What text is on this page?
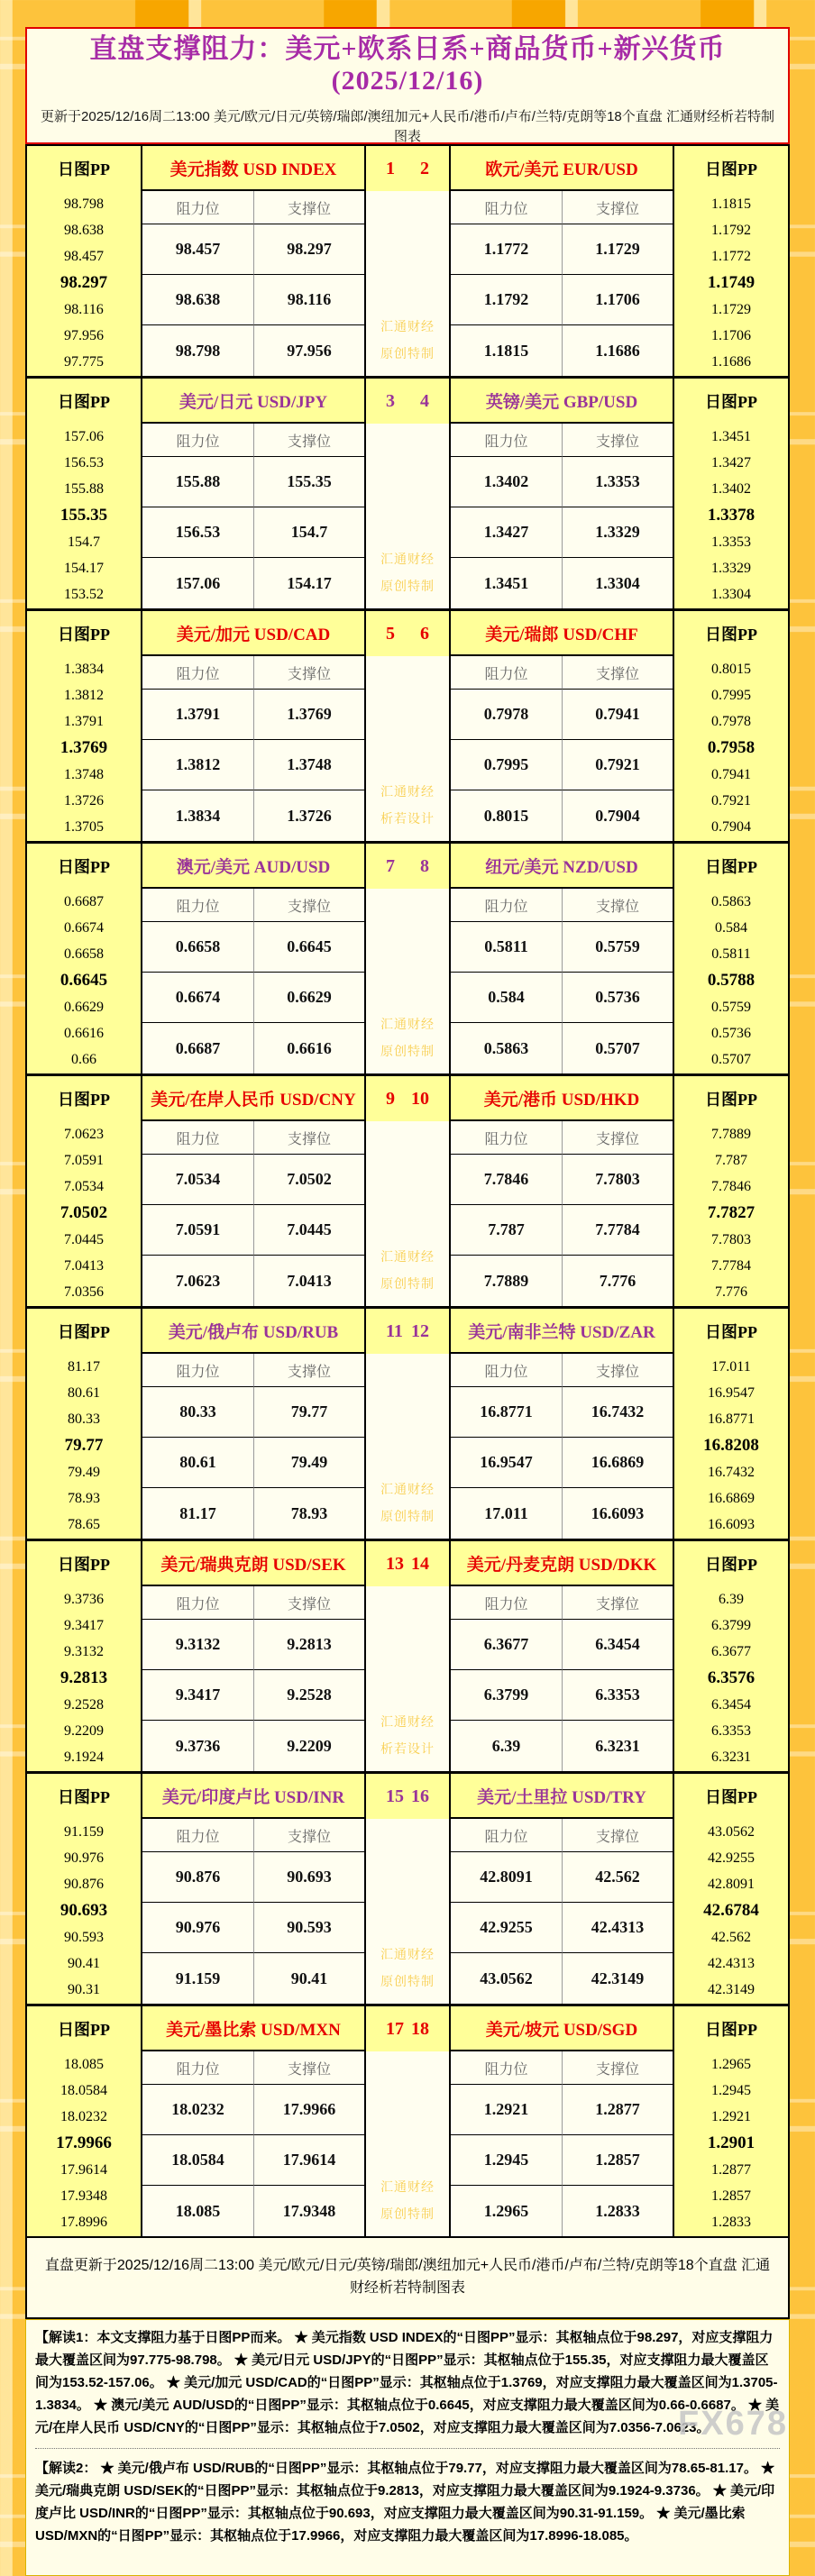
直盘支撑阻力：美元+欧系日系+商品货币+新兴货币(2025/12/16)
更新于2025/12/16周二13:00 美元/欧元/日元/英镑/瑞郎/澳纽加元+人民币/港币/卢布/兰特/克朗等18个直盘 汇通财经析若特制图表
日图PP	美元指数 USD INDEX	1 2	欧元/美元 EUR/USD	日图PP
98.798
98.638
98.457
98.297
98.116
97.956
97.775
阻力位	支撑位
98.457	98.297
98.638	98.116
98.798	97.956
汇通财经
原创特制
阻力位	支撑位
1.1772	1.1729
1.1792	1.1706
1.1815	1.1686
1.1815
1.1792
1.1772
1.1749
1.1729
1.1706
1.1686
日图PP	美元/日元 USD/JPY	3 4	英镑/美元 GBP/USD	日图PP
157.06
156.53
155.88
155.35
154.7
154.17
153.52
阻力位	支撑位
155.88	155.35
156.53	154.7
157.06	154.17
汇通财经
原创特制
阻力位	支撑位
1.3402	1.3353
1.3427	1.3329
1.3451	1.3304
1.3451
1.3427
1.3402
1.3378
1.3353
1.3329
1.3304
日图PP	美元/加元 USD/CAD	5 6	美元/瑞郎 USD/CHF	日图PP
1.3834
1.3812
1.3791
1.3769
1.3748
1.3726
1.3705
阻力位	支撑位
1.3791	1.3769
1.3812	1.3748
1.3834	1.3726
汇通财经
析若设计
阻力位	支撑位
0.7978	0.7941
0.7995	0.7921
0.8015	0.7904
0.8015
0.7995
0.7978
0.7958
0.7941
0.7921
0.7904
日图PP	澳元/美元 AUD/USD	7 8	纽元/美元 NZD/USD	日图PP
0.6687
0.6674
0.6658
0.6645
0.6629
0.6616
0.66
阻力位	支撑位
0.6658	0.6645
0.6674	0.6629
0.6687	0.6616
汇通财经
原创特制
阻力位	支撑位
0.5811	0.5759
0.584	0.5736
0.5863	0.5707
0.5863
0.584
0.5811
0.5788
0.5759
0.5736
0.5707
日图PP	美元/在岸人民币 USD/CNY	9 10	美元/港币 USD/HKD	日图PP
7.0623
7.0591
7.0534
7.0502
7.0445
7.0413
7.0356
阻力位	支撑位
7.0534	7.0502
7.0591	7.0445
7.0623	7.0413
汇通财经
原创特制
阻力位	支撑位
7.7846	7.7803
7.787	7.7784
7.7889	7.776
7.7889
7.787
7.7846
7.7827
7.7803
7.7784
7.776
日图PP	美元/俄卢布 USD/RUB	11 12	美元/南非兰特 USD/ZAR	日图PP
81.17
80.61
80.33
79.77
79.49
78.93
78.65
阻力位	支撑位
80.33	79.77
80.61	79.49
81.17	78.93
汇通财经
原创特制
阻力位	支撑位
16.8771	16.7432
16.9547	16.6869
17.011	16.6093
17.011
16.9547
16.8771
16.8208
16.7432
16.6869
16.6093
日图PP	美元/瑞典克朗 USD/SEK	13 14	美元/丹麦克朗 USD/DKK	日图PP
9.3736
9.3417
9.3132
9.2813
9.2528
9.2209
9.1924
阻力位	支撑位
9.3132	9.2813
9.3417	9.2528
9.3736	9.2209
汇通财经
析若设计
阻力位	支撑位
6.3677	6.3454
6.3799	6.3353
6.39	6.3231
6.39
6.3799
6.3677
6.3576
6.3454
6.3353
6.3231
日图PP	美元/印度卢比 USD/INR	15 16	美元/土里拉 USD/TRY	日图PP
91.159
90.976
90.876
90.693
90.593
90.41
90.31
阻力位	支撑位
90.876	90.693
90.976	90.593
91.159	90.41
汇通财经
原创特制
阻力位	支撑位
42.8091	42.562
42.9255	42.4313
43.0562	42.3149
43.0562
42.9255
42.8091
42.6784
42.562
42.4313
42.3149
日图PP	美元/墨比索 USD/MXN	17 18	美元/坡元 USD/SGD	日图PP
18.085
18.0584
18.0232
17.9966
17.9614
17.9348
17.8996
阻力位	支撑位
18.0232	17.9966
18.0584	17.9614
18.085	17.9348
汇通财经
原创特制
阻力位	支撑位
1.2921	1.2877
1.2945	1.2857
1.2965	1.2833
1.2965
1.2945
1.2921
1.2901
1.2877
1.2857
1.2833
直盘更新于2025/12/16周二13:00 美元/欧元/日元/英镑/瑞郎/澳纽加元+人民币/港币/卢布/兰特/克朗等18个直盘 汇通财经析若特制图表

【解读1：本文支撑阻力基于日图PP而来。 ★ 美元指数 USD INDEX的“日图PP”显示：其枢轴点位于98.297，对应支撑阻力最大覆盖区间为97.775-98.798。 ★ 美元/日元 USD/JPY的“日图PP”显示：其枢轴点位于155.35，对应支撑阻力最大覆盖区间为153.52-157.06。 ★ 美元/加元 USD/CAD的“日图PP”显示：其枢轴点位于1.3769，对应支撑阻力最大覆盖区间为1.3705-1.3834。 ★ 澳元/美元 AUD/USD的“日图PP”显示：其枢轴点位于0.6645，对应支撑阻力最大覆盖区间为0.66-0.6687。 ★ 美元/在岸人民币 USD/CNY的“日图PP”显示：其枢轴点位于7.0502，对应支撑阻力最大覆盖区间为7.0356-7.0623。

【解读2： ★ 美元/俄卢布 USD/RUB的“日图PP”显示：其枢轴点位于79.77，对应支撑阻力最大覆盖区间为78.65-81.17。 ★ 美元/瑞典克朗 USD/SEK的“日图PP”显示：其枢轴点位于9.2813，对应支撑阻力最大覆盖区间为9.1924-9.3736。 ★ 美元/印度卢比 USD/INR的“日图PP”显示：其枢轴点位于90.693，对应支撑阻力最大覆盖区间为90.31-91.159。 ★ 美元/墨比索 USD/MXN的“日图PP”显示：其枢轴点位于17.9966，对应支撑阻力最大覆盖区间为17.8996-18.085。

FX678
